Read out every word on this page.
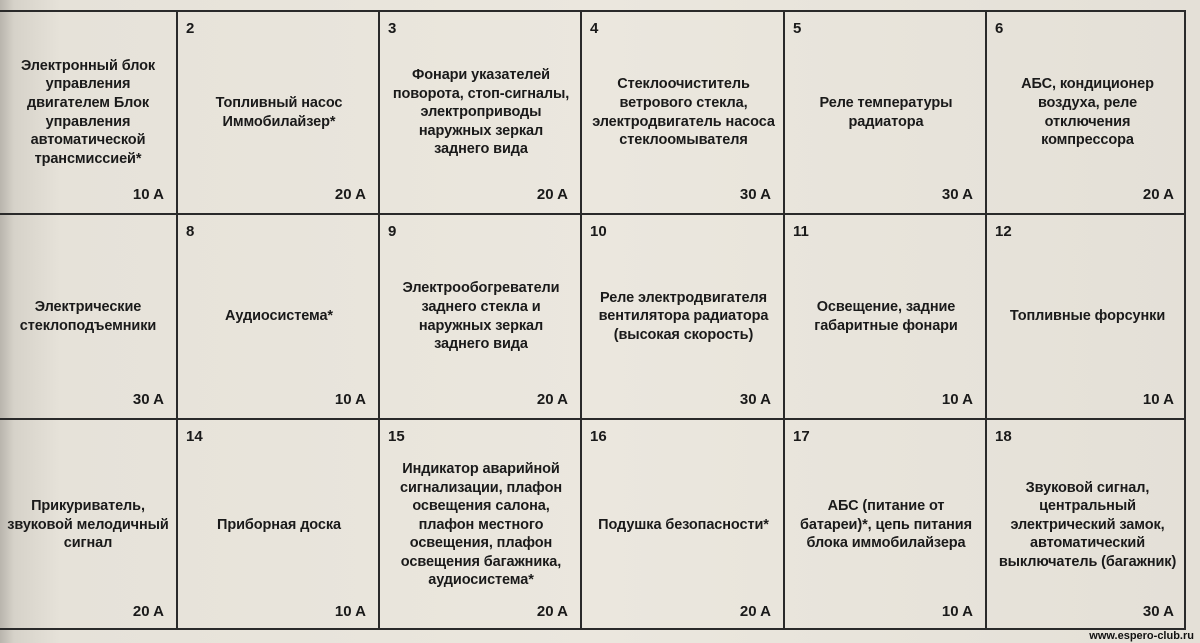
Электронный блок управления двигателем Блок управления автоматической трансмиссией*
10 A
2
Топливный насос Иммобилайзер*
20 A
3
Фонари указателей поворота, стоп-сигналы, электроприводы наружных зеркал заднего вида
20 A
4
Стеклоочиститель ветрового стекла, электродвигатель насоса стеклоомывателя
30 A
5
Реле температуры радиатора
30 A
6
АБС, кондиционер воздуха, реле отключения компрессора
20 A
Электрические стеклоподъемники
30 A
8
Аудиосистема*
10 A
9
Электрообогреватели заднего стекла и наружных зеркал заднего вида
20 A
10
Реле электродвигателя вентилятора радиатора (высокая скорость)
30 A
11
Освещение, задние габаритные фонари
10 A
12
Топливные форсунки
10 A
Прикуриватель, звуковой мелодичный сигнал
20 A
14
Приборная доска
10 A
15
Индикатор аварийной сигнализации, плафон освещения салона, плафон местного освещения, плафон освещения багажника, аудиосистема*
20 A
16
Подушка безопасности*
20 A
17
АБС (питание от батареи)*, цепь питания блока иммобилайзера
10 A
18
Звуковой сигнал, центральный электрический замок, автоматический выключатель (багажник)
30 A
www.espero-club.ru
